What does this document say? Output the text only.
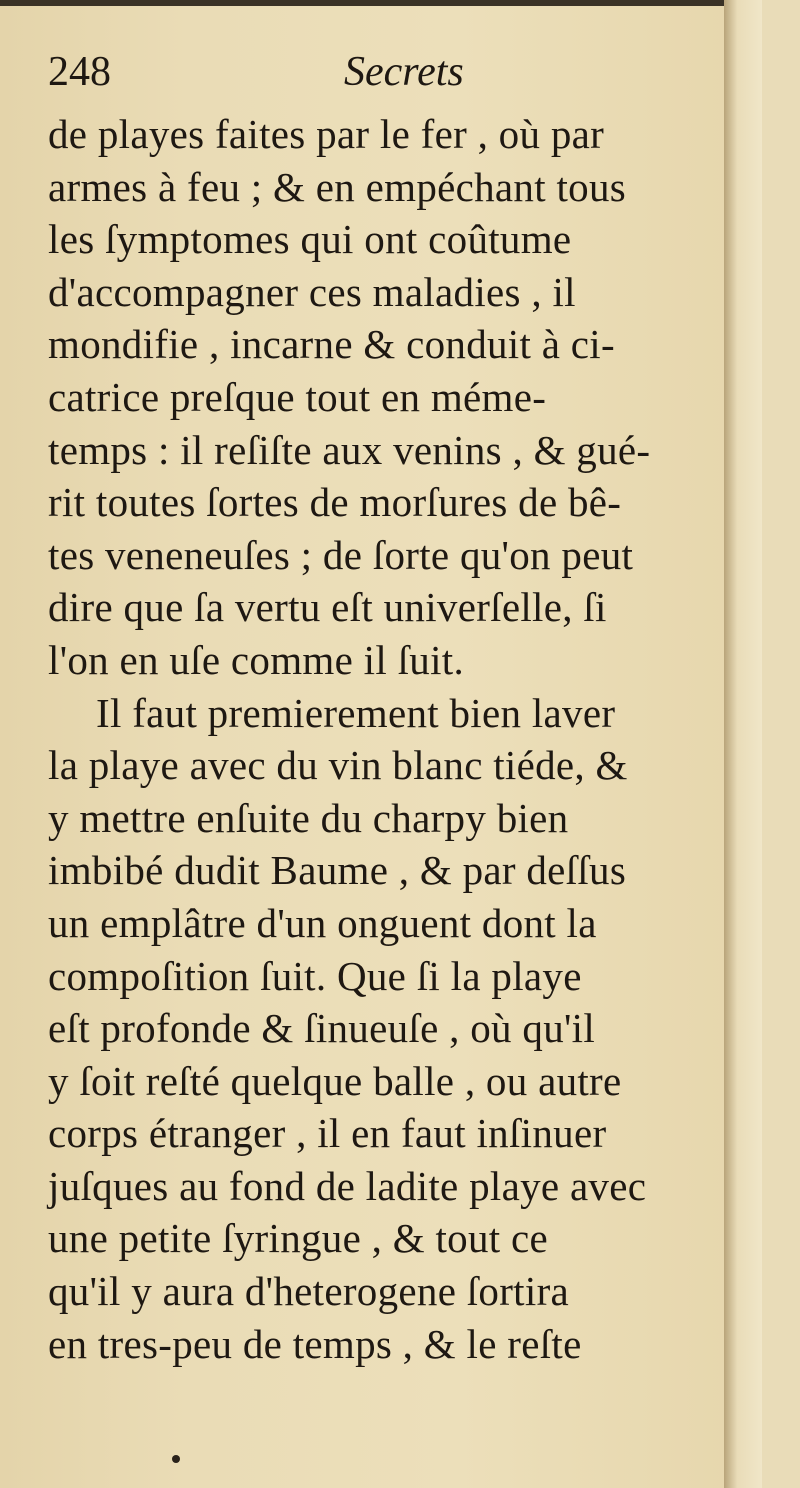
248	Secrets
de playes faites par le fer , où par
armes à feu ; & en empéchant tous
les ſymptomes qui ont coûtume
d'accompagner ces maladies , il
mondifie , incarne & conduit à ci-
catrice preſque tout en méme-
temps : il reſiſte aux venins , & gué-
rit toutes ſortes de morſures de bê-
tes veneneuſes ; de ſorte qu'on peut
dire que ſa vertu eſt univerſelle, ſi
l'on en uſe comme il ſuit.
Il faut premierement bien laver
la playe avec du vin blanc tiéde, &
y mettre enſuite du charpy bien
imbibé dudit Baume , & par deſſus
un emplâtre d'un onguent dont la
compoſition ſuit. Que ſi la playe
eſt profonde & ſinueuſe , où qu'il
y ſoit reſté quelque balle , ou autre
corps étranger , il en faut inſinuer
juſques au fond de ladite playe avec
une petite ſyringue , & tout ce
qu'il y aura d'heterogene ſortira
en tres-peu de temps , & le reſte
